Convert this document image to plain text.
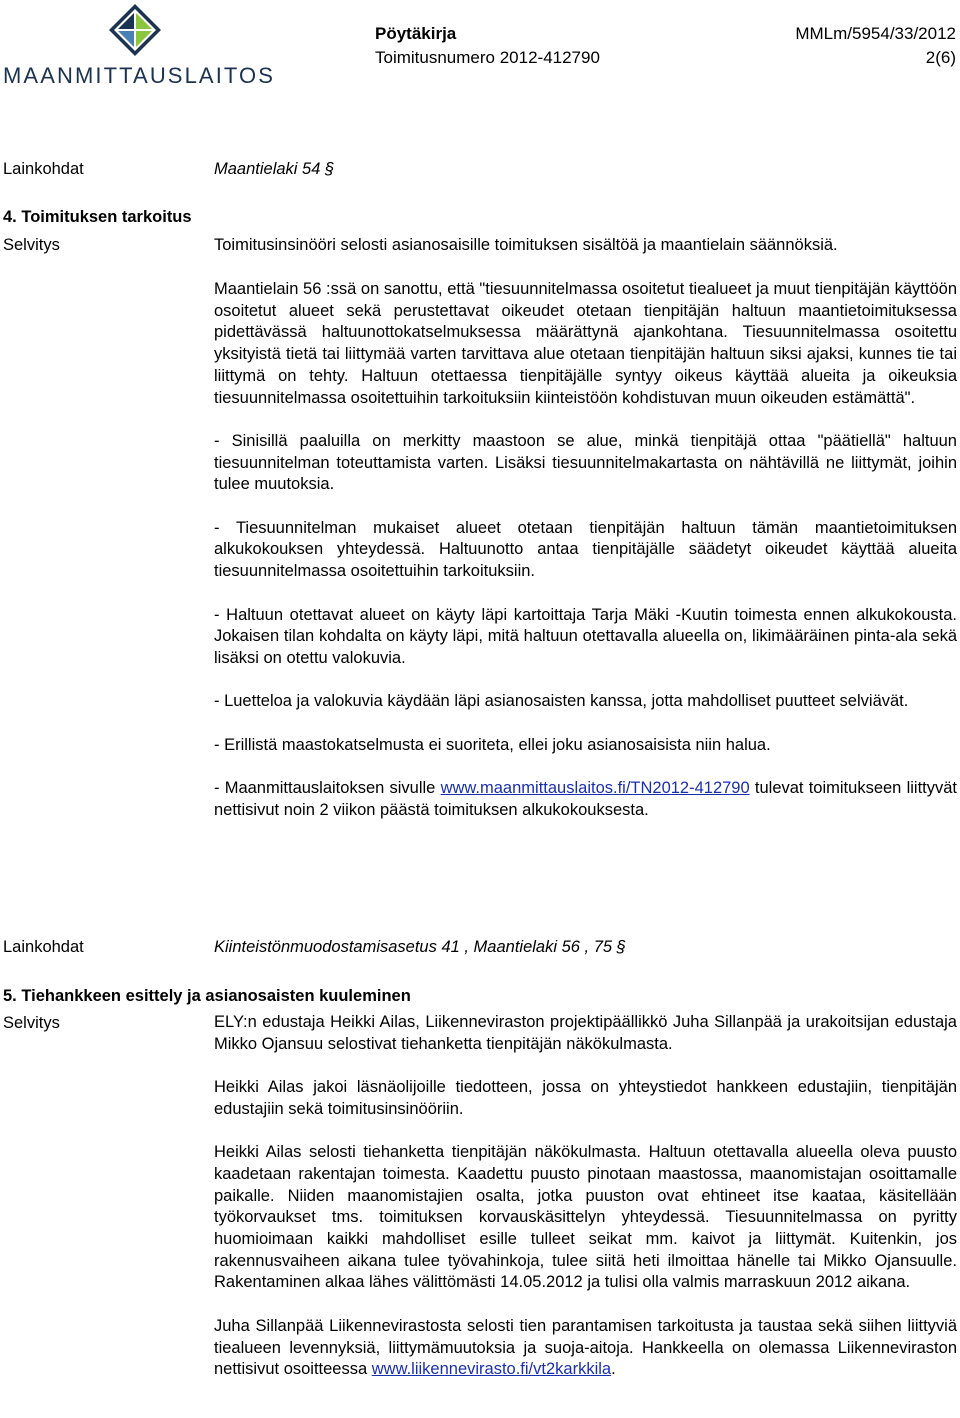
MAANMITTAUSLAITOS
Pöytäkirja	MMLm/5954/33/2012
Toimitusnumero 2012-412790	2(6)
Lainkohdat	Maantielaki 54 §
4. Toimituksen tarkoitus
Selvitys	Toimitusinsinööri selosti asianosaisille toimituksen sisältöä ja maantielain säännöksiä.

Maantielain 56 :ssä on sanottu, että "tiesuunnitelmassa osoitetut tiealueet ja muut tienpitäjän käyttöön osoitetut alueet sekä perustettavat oikeudet otetaan tienpitäjän haltuun maantietoimituksessa pidettävässä haltuunottokatselmuksessa määrättynä ajankohtana. Tiesuunnitelmassa osoitettu yksityistä tietä tai liittymää varten tarvittava alue otetaan tienpitäjän haltuun siksi ajaksi, kunnes tie tai liittymä on tehty. Haltuun otettaessa tienpitäjälle syntyy oikeus käyttää alueita ja oikeuksia tiesuunnitelmassa osoitettuihin tarkoituksiin kiinteistöön kohdistuvan muun oikeuden estämättä".

- Sinisillä paaluilla on merkitty maastoon se alue, minkä tienpitäjä ottaa "päätiellä" haltuun tiesuunnitelman toteuttamista varten. Lisäksi tiesuunnitelmakartasta on nähtävillä ne liittymät, joihin tulee muutoksia.

- Tiesuunnitelman mukaiset alueet otetaan tienpitäjän haltuun tämän maantietoimituksen alkukokouksen yhteydessä. Haltuunotto antaa tienpitäjälle säädetyt oikeudet käyttää alueita tiesuunnitelmassa osoitettuihin tarkoituksiin.

- Haltuun otettavat alueet on käyty läpi kartoittaja Tarja Mäki -Kuutin toimesta ennen alkukokousta. Jokaisen tilan kohdalta on käyty läpi, mitä haltuun otettavalla alueella on, likimääräinen pinta-ala sekä lisäksi on otettu valokuvia.

- Luetteloa ja valokuvia käydään läpi asianosaisten kanssa, jotta mahdolliset puutteet selviävät.

- Erillistä maastokatselmusta ei suoriteta, ellei joku asianosaisista niin halua.

- Maanmittauslaitoksen sivulle www.maanmittauslaitos.fi/TN2012-412790 tulevat toimitukseen liittyvät nettisivut noin 2 viikon päästä toimituksen alkukokouksesta.

Lainkohdat	Kiinteistönmuodostamisasetus 41 , Maantielaki 56 , 75 §
5. Tiehankkeen esittely ja asianosaisten kuuleminen
Selvitys	ELY:n edustaja Heikki Ailas, Liikenneviraston projektipäällikkö Juha Sillanpää ja urakoitsijan edustaja Mikko Ojansuu selostivat tiehanketta tienpitäjän näkökulmasta.

Heikki Ailas jakoi läsnäolijoille tiedotteen, jossa on yhteystiedot hankkeen edustajiin, tienpitäjän edustajiin sekä toimitusinsinööriin.

Heikki Ailas selosti tiehanketta tienpitäjän näkökulmasta. Haltuun otettavalla alueella oleva puusto kaadetaan rakentajan toimesta. Kaadettu puusto pinotaan maastossa, maanomistajan osoittamalle paikalle. Niiden maanomistajien osalta, jotka puuston ovat ehtineet itse kaataa, käsitellään työkorvaukset tms. toimituksen korvauskäsittelyn yhteydessä. Tiesuunnitelmassa on pyritty huomioimaan kaikki mahdolliset esille tulleet seikat mm. kaivot ja liittymät. Kuitenkin, jos rakennusvaiheen aikana tulee työvahinkoja, tulee siitä heti ilmoittaa hänelle tai Mikko Ojansuulle. Rakentaminen alkaa lähes välittömästi 14.05.2012 ja tulisi olla valmis marraskuun 2012 aikana.

Juha Sillanpää Liikennevirastosta selosti tien parantamisen tarkoitusta ja taustaa sekä siihen liittyviä tiealueen levennyksiä, liittymämuutoksia ja suoja-aitoja. Hankkeella on olemassa Liikenneviraston nettisivut osoitteessa www.liikennevirasto.fi/vt2karkkila.
